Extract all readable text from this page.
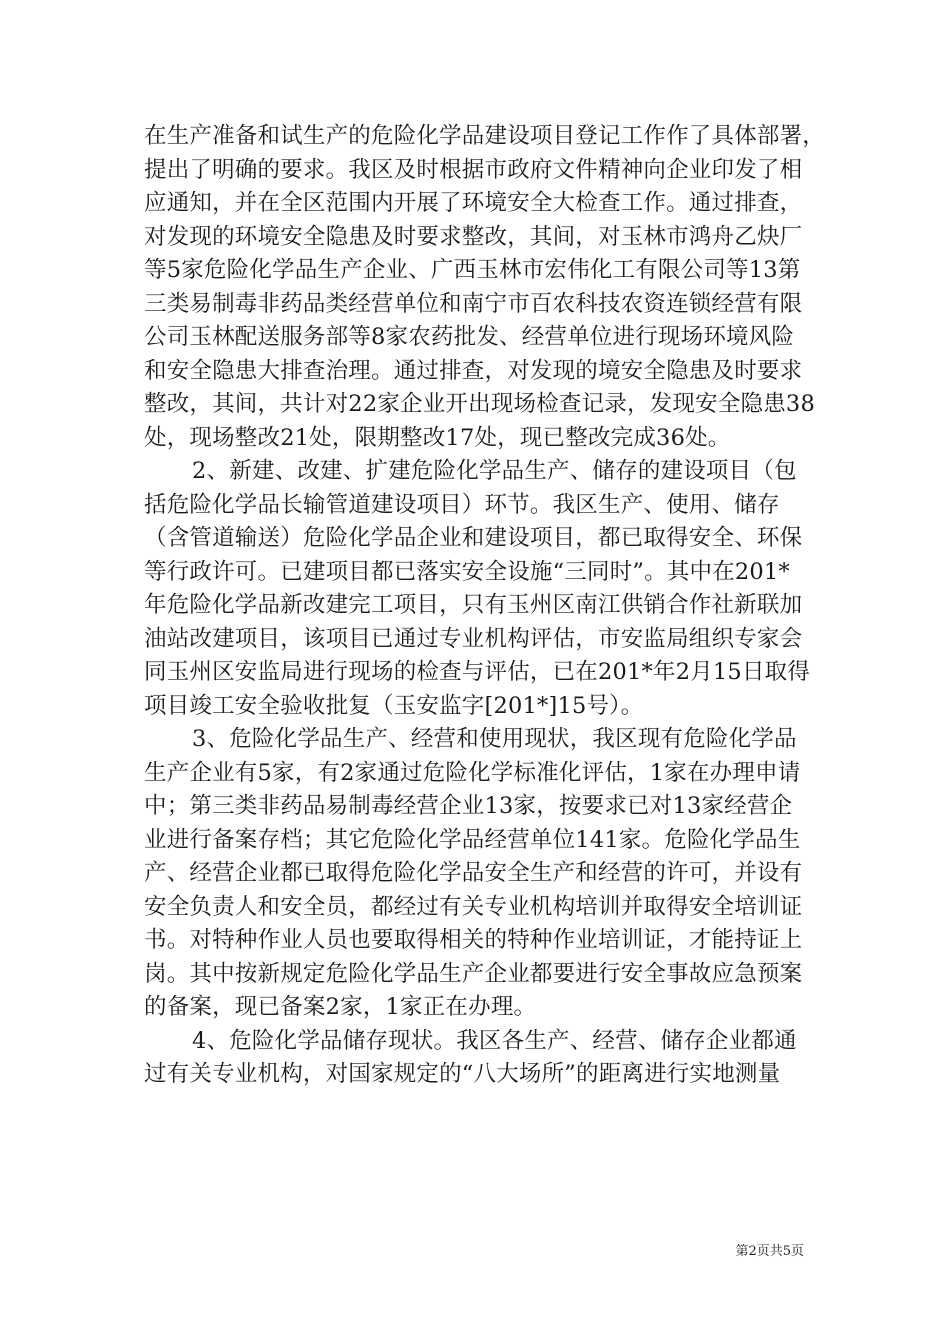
在生产准备和试生产的危险化学品建设项目登记工作作了具体部署，
提出了明确的要求。我区及时根据市政府文件精神向企业印发了相
应通知，并在全区范围内开展了环境安全大检查工作。通过排查，
对发现的环境安全隐患及时要求整改，其间，对玉林市鸿舟乙炔厂
等5家危险化学品生产企业、广西玉林市宏伟化工有限公司等13第
三类易制毒非药品类经营单位和南宁市百农科技农资连锁经营有限
公司玉林配送服务部等8家农药批发、经营单位进行现场环境风险
和安全隐患大排查治理。通过排查，对发现的境安全隐患及时要求
整改，其间，共计对22家企业开出现场检查记录，发现安全隐患38
处，现场整改21处，限期整改17处，现已整改完成36处。
2、新建、改建、扩建危险化学品生产、储存的建设项目（包
括危险化学品长输管道建设项目）环节。我区生产、使用、储存
（含管道输送）危险化学品企业和建设项目，都已取得安全、环保
等行政许可。已建项目都已落实安全设施“三同时”。其中在201*
年危险化学品新改建完工项目，只有玉州区南江供销合作社新联加
油站改建项目，该项目已通过专业机构评估，市安监局组织专家会
同玉州区安监局进行现场的检查与评估，已在201*年2月15日取得
项目竣工安全验收批复（玉安监字[201*]15号）。
3、危险化学品生产、经营和使用现状，我区现有危险化学品
生产企业有5家，有2家通过危险化学标准化评估，1家在办理申请
中；第三类非药品易制毒经营企业13家，按要求已对13家经营企
业进行备案存档；其它危险化学品经营单位141家。危险化学品生
产、经营企业都已取得危险化学品安全生产和经营的许可，并设有
安全负责人和安全员，都经过有关专业机构培训并取得安全培训证
书。对特种作业人员也要取得相关的特种作业培训证，才能持证上
岗。其中按新规定危险化学品生产企业都要进行安全事故应急预案
的备案，现已备案2家，1家正在办理。
4、危险化学品储存现状。我区各生产、经营、储存企业都通
过有关专业机构，对国家规定的“八大场所”的距离进行实地测量
第2页共5页
